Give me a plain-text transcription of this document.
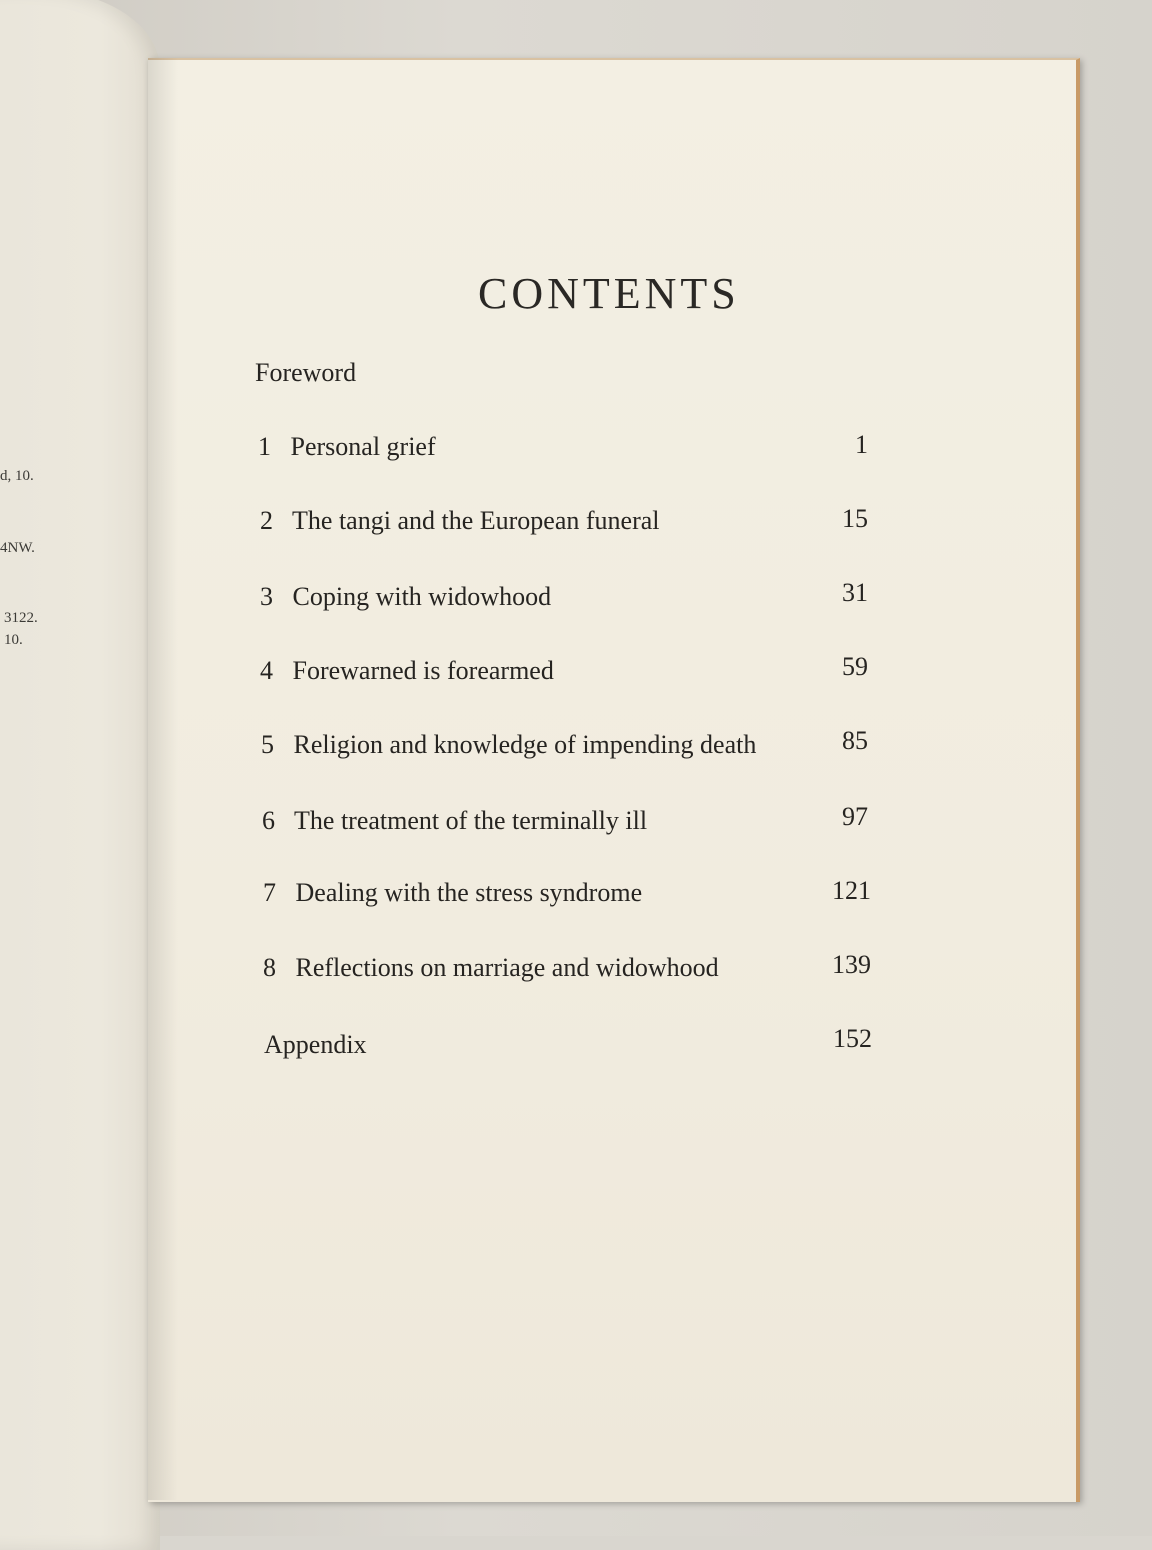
d, 10.
4NW.
3122.
10.
CONTENTS
Foreword
1 Personal grief	1
2 The tangi and the European funeral	15
3 Coping with widowhood	31
4 Forewarned is forearmed	59
5 Religion and knowledge of impending death	85
6 The treatment of the terminally ill	97
7 Dealing with the stress syndrome	121
8 Reflections on marriage and widowhood	139
Appendix	152
